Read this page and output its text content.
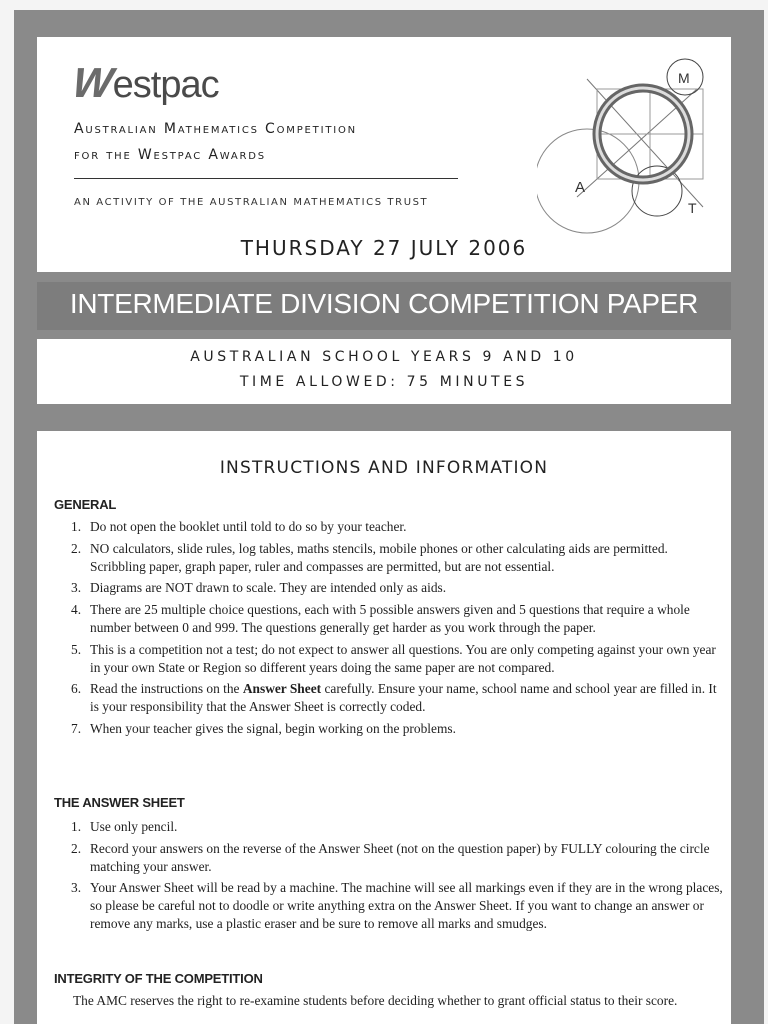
Westpac
Australian Mathematics Competition
for the Westpac Awards
AN ACTIVITY OF THE AUSTRALIAN MATHEMATICS TRUST
THURSDAY 27 JULY 2006
M
A
T
INTERMEDIATE DIVISION COMPETITION PAPER
AUSTRALIAN SCHOOL YEARS 9 AND 10
TIME ALLOWED: 75 MINUTES
INSTRUCTIONS AND INFORMATION
GENERAL
1. Do not open the booklet until told to do so by your teacher.
2. NO calculators, slide rules, log tables, maths stencils, mobile phones or other calculating aids are permitted. Scribbling paper, graph paper, ruler and compasses are permitted, but are not essential.
3. Diagrams are NOT drawn to scale. They are intended only as aids.
4. There are 25 multiple choice questions, each with 5 possible answers given and 5 questions that require a whole number between 0 and 999. The questions generally get harder as you work through the paper.
5. This is a competition not a test; do not expect to answer all questions. You are only competing against your own year in your own State or Region so different years doing the same paper are not compared.
6. Read the instructions on the Answer Sheet carefully. Ensure your name, school name and school year are filled in. It is your responsibility that the Answer Sheet is correctly coded.
7. When your teacher gives the signal, begin working on the problems.
THE ANSWER SHEET
1. Use only pencil.
2. Record your answers on the reverse of the Answer Sheet (not on the question paper) by FULLY colouring the circle matching your answer.
3. Your Answer Sheet will be read by a machine. The machine will see all markings even if they are in the wrong places, so please be careful not to doodle or write anything extra on the Answer Sheet. If you want to change an answer or remove any marks, use a plastic eraser and be sure to remove all marks and smudges.
INTEGRITY OF THE COMPETITION
The AMC reserves the right to re-examine students before deciding whether to grant official status to their score.
